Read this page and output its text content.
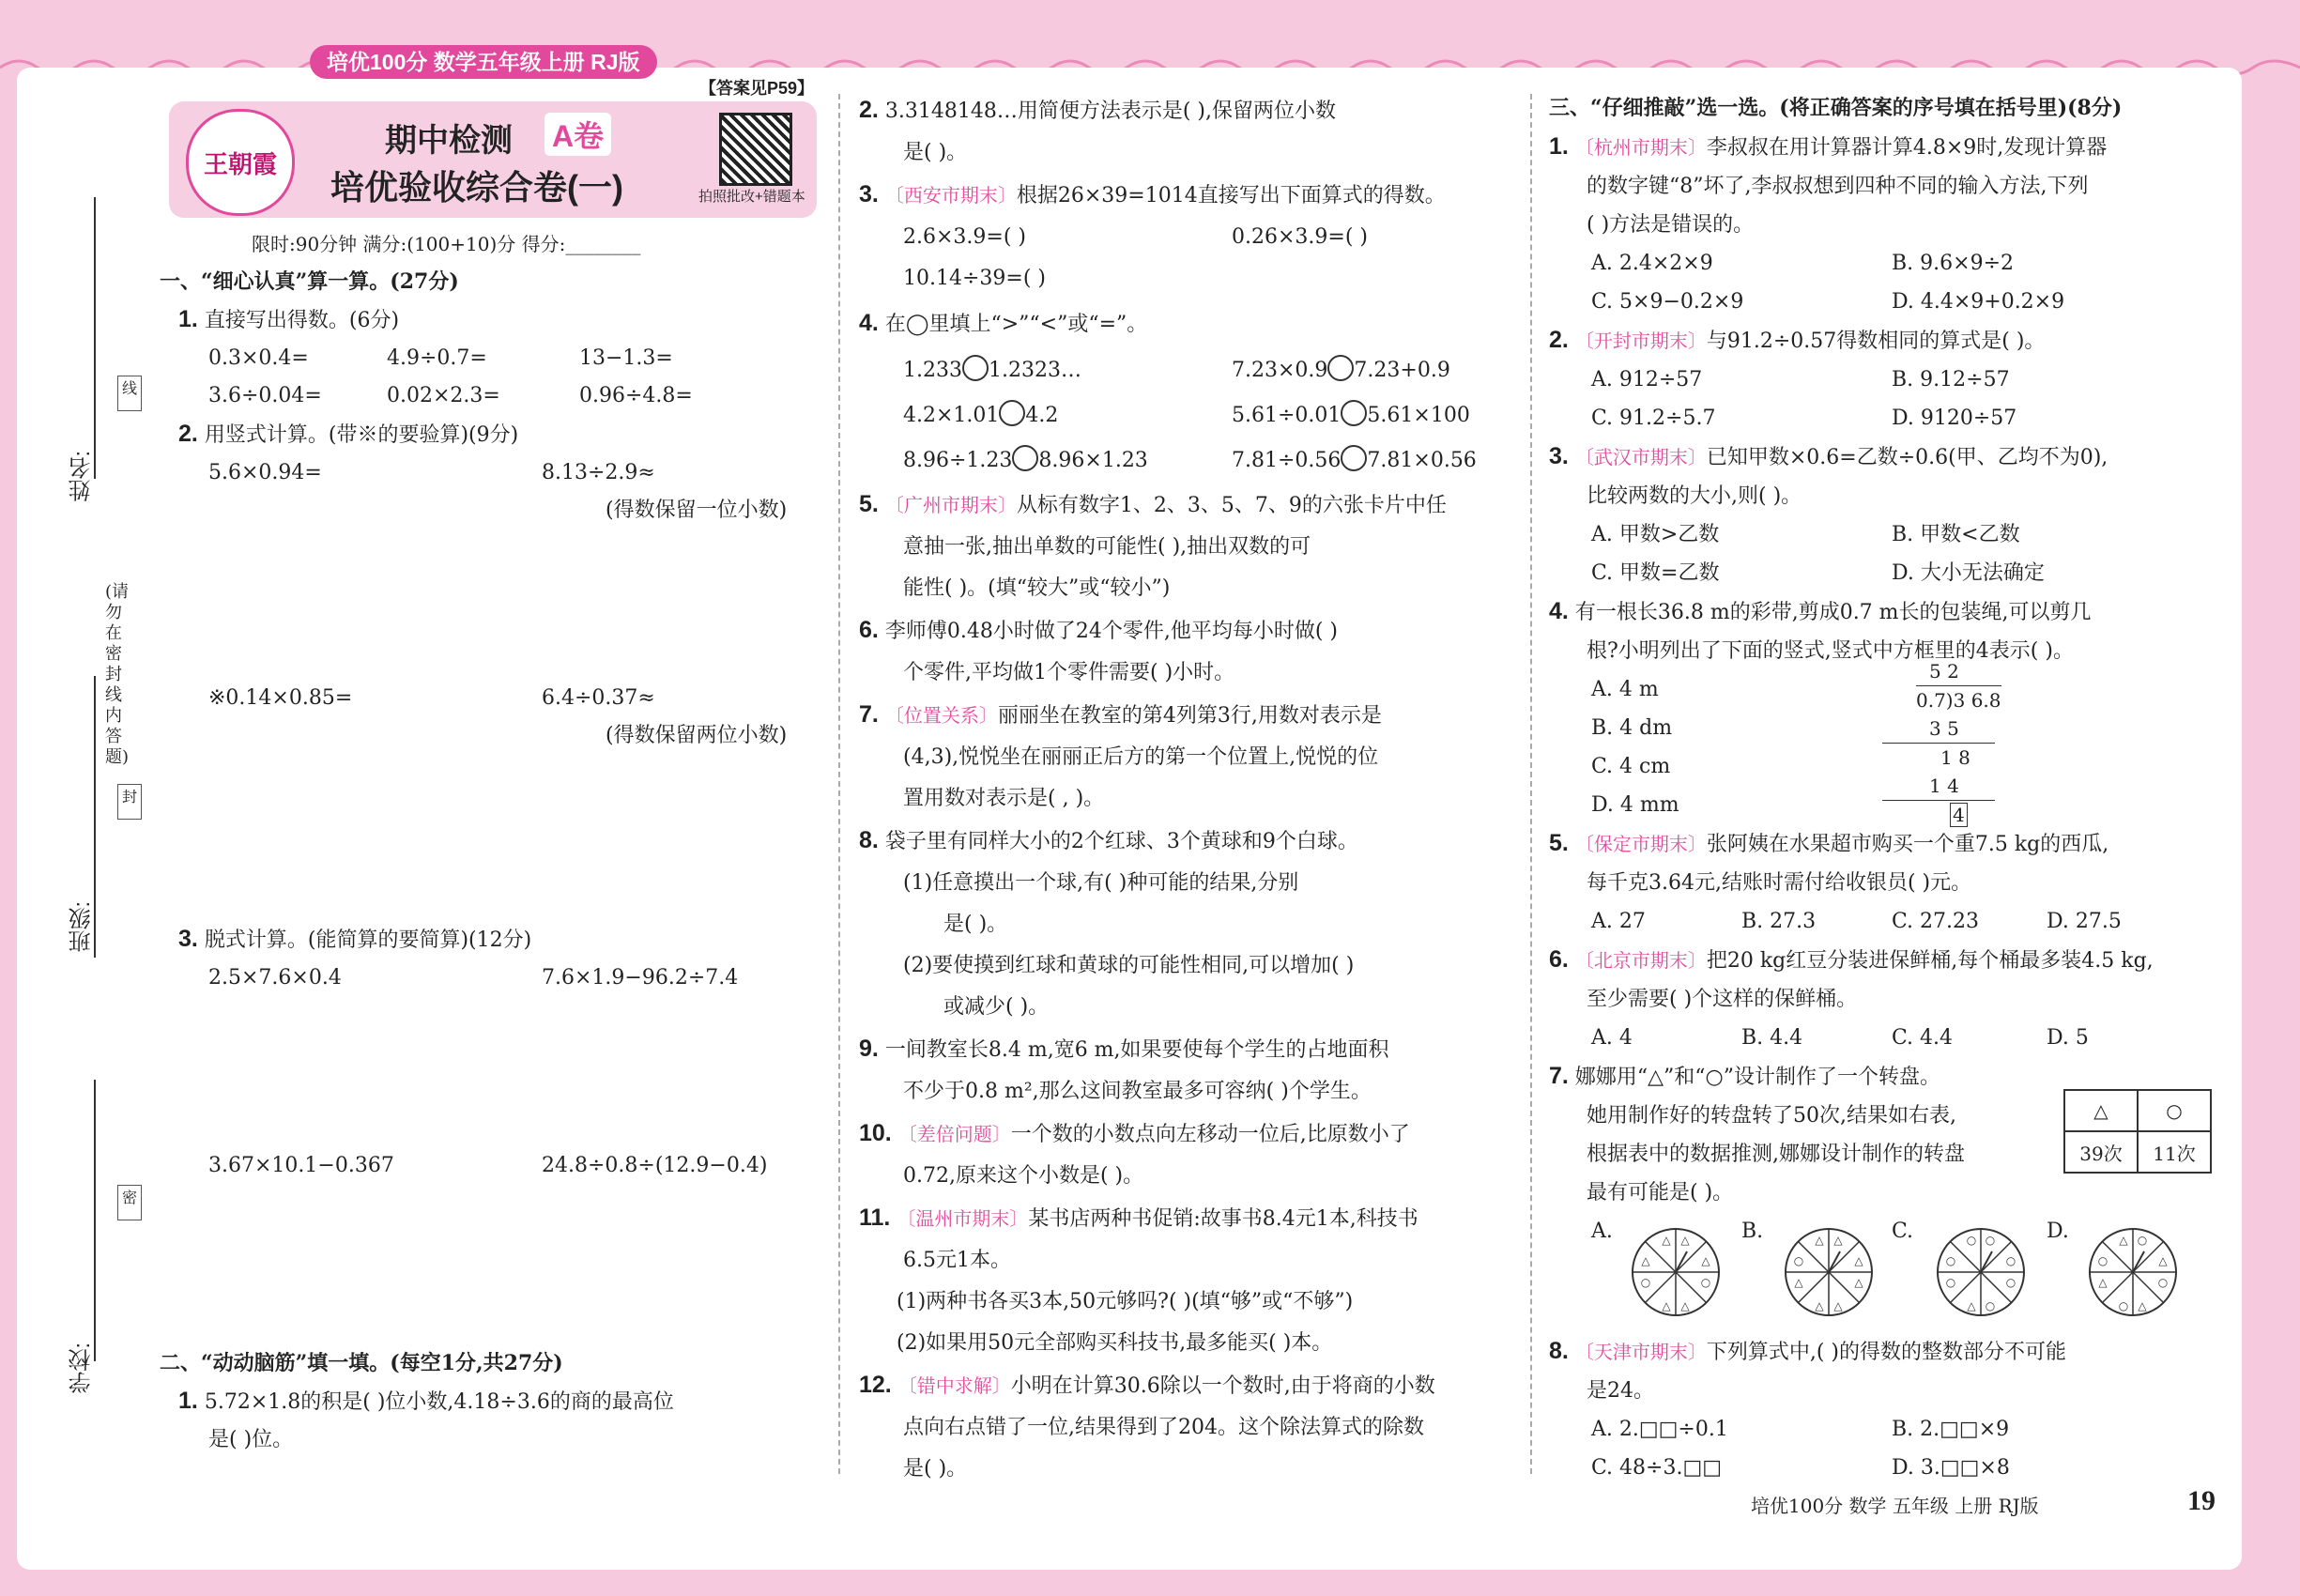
培优100分 数学五年级上册 RJ版
姓名:
班级:
学校:
线
封
密
(请勿在密封线内答题)
【答案见P59】
王朝霞
期中检测 A卷
培优验收综合卷(一)	拍照批改+错题本
限时:90分钟 满分:(100+10)分 得分:________
一、“细心认真”算一算。(27分)
1. 直接写出得数。(6分)
0.3×0.4=	4.9÷0.7=	13−1.3=
3.6÷0.04=	0.02×2.3=	0.96÷4.8=
2. 用竖式计算。(带※的要验算)(9分)
5.6×0.94=	8.13÷2.9≈
(得数保留一位小数)
※0.14×0.85=	6.4÷0.37≈
(得数保留两位小数)
3. 脱式计算。(能简算的要简算)(12分)
2.5×7.6×0.4	7.6×1.9−96.2÷7.4
3.67×10.1−0.367	24.8÷0.8÷(12.9−0.4)
二、“动动脑筋”填一填。(每空1分,共27分)
1. 5.72×1.8的积是( )位小数,4.18÷3.6的商的最高位
是( )位。
2. 3.3148148…用简便方法表示是( ),保留两位小数
是( )。
3. 〔西安市期末〕根据26×39=1014直接写出下面算式的得数。
2.6×3.9=( )	0.26×3.9=( )
10.14÷39=( )
4. 在◯里填上“>”“<”或“=”。
1.233 1.2323…	7.23×0.9 7.23+0.9
4.2×1.01 4.2	5.61÷0.01 5.61×100
8.96÷1.23 8.96×1.23	7.81÷0.56 7.81×0.56
5. 〔广州市期末〕从标有数字1、2、3、5、7、9的六张卡片中任
意抽一张,抽出单数的可能性( ),抽出双数的可
能性( )。(填“较大”或“较小”)
6. 李师傅0.48小时做了24个零件,他平均每小时做( )
个零件,平均做1个零件需要( )小时。
7. 〔位置关系〕丽丽坐在教室的第4列第3行,用数对表示是
(4,3),悦悦坐在丽丽正后方的第一个位置上,悦悦的位
置用数对表示是( , )。
8. 袋子里有同样大小的2个红球、3个黄球和9个白球。
(1)任意摸出一个球,有( )种可能的结果,分别
是( )。
(2)要使摸到红球和黄球的可能性相同,可以增加( )
或减少( )。
9. 一间教室长8.4 m,宽6 m,如果要使每个学生的占地面积
不少于0.8 m²,那么这间教室最多可容纳( )个学生。
10. 〔差倍问题〕一个数的小数点向左移动一位后,比原数小了
0.72,原来这个小数是( )。
11. 〔温州市期末〕某书店两种书促销:故事书8.4元1本,科技书
6.5元1本。
(1)两种书各买3本,50元够吗?( )(填“够”或“不够”)
(2)如果用50元全部购买科技书,最多能买( )本。
12. 〔错中求解〕小明在计算30.6除以一个数时,由于将商的小数
点向右点错了一位,结果得到了204。这个除法算式的除数
是( )。
三、“仔细推敲”选一选。(将正确答案的序号填在括号里)(8分)
1. 〔杭州市期末〕李叔叔在用计算器计算4.8×9时,发现计算器
的数字键“8”坏了,李叔叔想到四种不同的输入方法,下列
( )方法是错误的。
A. 2.4×2×9	B. 9.6×9÷2
C. 5×9−0.2×9	D. 4.4×9+0.2×9
2. 〔开封市期末〕与91.2÷0.57得数相同的算式是( )。
A. 912÷57	B. 9.12÷57
C. 91.2÷5.7	D. 9120÷57
3. 〔武汉市期末〕已知甲数×0.6=乙数÷0.6(甲、乙均不为0),
比较两数的大小,则( )。
A. 甲数>乙数	B. 甲数<乙数
C. 甲数=乙数	D. 大小无法确定
4. 有一根长36.8 m的彩带,剪成0.7 m长的包装绳,可以剪几
根?小明列出了下面的竖式,竖式中方框里的4表示( )。
A. 4 m
B. 4 dm
C. 4 cm
D. 4 mm
5 2
0.7)3 6.8
3 5
1 8
1 4
4
5. 〔保定市期末〕张阿姨在水果超市购买一个重7.5 kg的西瓜,
每千克3.64元,结账时需付给收银员( )元。
A. 27	B. 27.3	C. 27.23	D. 27.5
6. 〔北京市期末〕把20 kg红豆分装进保鲜桶,每个桶最多装4.5 kg,
至少需要( )个这样的保鲜桶。
A. 4	B. 4.4	C. 4.4̇	D. 5
7. 娜娜用“△”和“○”设计制作了一个转盘。
她用制作好的转盘转了50次,结果如右表,
根据表中的数据推测,娜娜设计制作的转盘
最有可能是( )。
A.	B.	C.	D.
8. 〔天津市期末〕下列算式中,( )的得数的整数部分不可能
是24。
A. 2.□□÷0.1	B. 2.□□×9
C. 48÷3.□□	D. 3.□□×8
△	○
39次	11次
△ △
△
○
△
△
○
△
△ △
△
△
△
△
△
○
○ ○
○
○
○
△
○
○
△ ○
△
○
△
○
△
○
培优100分 数学 五年级 上册 RJ版	19
